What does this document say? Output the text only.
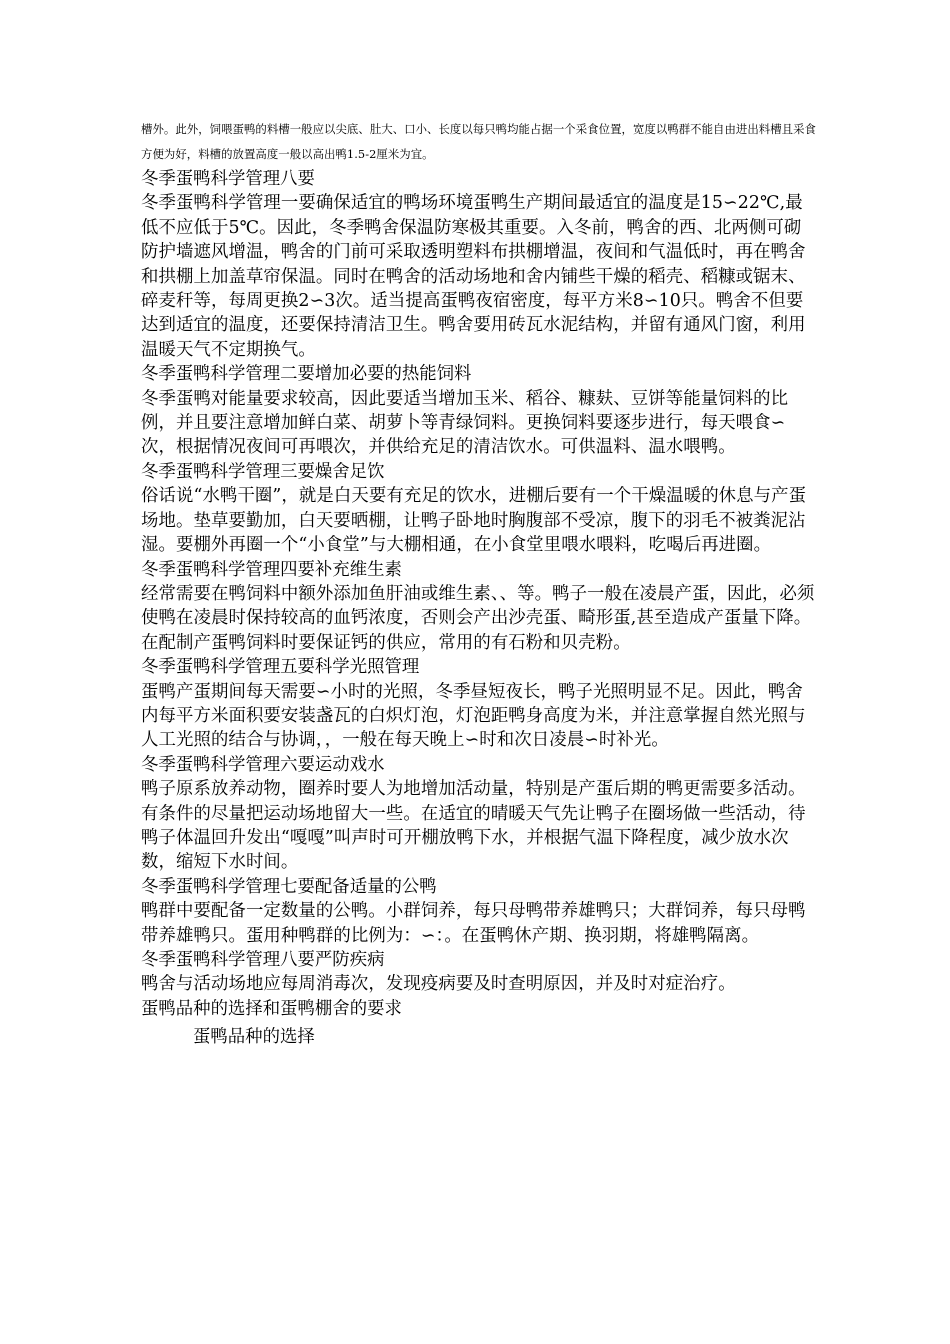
槽外。此外，饲喂蛋鸭的料槽一般应以尖底、肚大、口小、长度以每只鸭均能占据一个采食位置，宽度以鸭群不能自由进出料槽且采食方便为好，料槽的放置高度一般以高出鸭1.5-2厘米为宜。
冬季蛋鸭科学管理八要
冬季蛋鸭科学管理一要确保适宜的鸭场环境蛋鸭生产期间最适宜的温度是15∽22℃,最低不应低于5℃。因此，冬季鸭舍保温防寒极其重要。入冬前，鸭舍的西、北两侧可砌防护墙遮风增温，鸭舍的门前可采取透明塑料布拱棚增温，夜间和气温低时，再在鸭舍和拱棚上加盖草帘保温。同时在鸭舍的活动场地和舍内铺些干燥的稻壳、稻糠或锯末、碎麦秆等，每周更换2∽3次。适当提高蛋鸭夜宿密度，每平方米8∽10只。鸭舍不但要达到适宜的温度，还要保持清洁卫生。鸭舍要用砖瓦水泥结构，并留有通风门窗，利用温暖天气不定期换气。
冬季蛋鸭科学管理二要增加必要的热能饲料
冬季蛋鸭对能量要求较高，因此要适当增加玉米、稻谷、糠麸、豆饼等能量饲料的比例，并且要注意增加鲜白菜、胡萝卜等青绿饲料。更换饲料要逐步进行，每天喂食∽次，根据情况夜间可再喂次，并供给充足的清洁饮水。可供温料、温水喂鸭。
冬季蛋鸭科学管理三要燥舍足饮
俗话说“水鸭干圈”，就是白天要有充足的饮水，进棚后要有一个干燥温暖的休息与产蛋场地。垫草要勤加，白天要晒棚，让鸭子卧地时胸腹部不受凉，腹下的羽毛不被粪泥沾湿。要棚外再圈一个“小食堂”与大棚相通，在小食堂里喂水喂料，吃喝后再进圈。
冬季蛋鸭科学管理四要补充维生素
经常需要在鸭饲料中额外添加鱼肝油或维生素、、等。鸭子一般在凌晨产蛋，因此，必须使鸭在凌晨时保持较高的血钙浓度，否则会产出沙壳蛋、畸形蛋,甚至造成产蛋量下降。在配制产蛋鸭饲料时要保证钙的供应，常用的有石粉和贝壳粉。
冬季蛋鸭科学管理五要科学光照管理
蛋鸭产蛋期间每天需要∽小时的光照，冬季昼短夜长，鸭子光照明显不足。因此，鸭舍内每平方米面积要安装盏瓦的白炽灯泡，灯泡距鸭身高度为米，并注意掌握自然光照与人工光照的结合与协调，，一般在每天晚上∽时和次日凌晨∽时补光。
冬季蛋鸭科学管理六要运动戏水
鸭子原系放养动物，圈养时要人为地增加活动量，特别是产蛋后期的鸭更需要多活动。有条件的尽量把运动场地留大一些。在适宜的晴暖天气先让鸭子在圈场做一些活动，待鸭子体温回升发出“嘎嘎”叫声时可开棚放鸭下水，并根据气温下降程度，减少放水次数，缩短下水时间。
冬季蛋鸭科学管理七要配备适量的公鸭
鸭群中要配备一定数量的公鸭。小群饲养，每只母鸭带养雄鸭只；大群饲养，每只母鸭带养雄鸭只。蛋用种鸭群的比例为：∽：。在蛋鸭休产期、换羽期，将雄鸭隔离。
冬季蛋鸭科学管理八要严防疾病
鸭舍与活动场地应每周消毒次，发现疫病要及时查明原因，并及时对症治疗。
蛋鸭品种的选择和蛋鸭棚舍的要求
蛋鸭品种的选择
